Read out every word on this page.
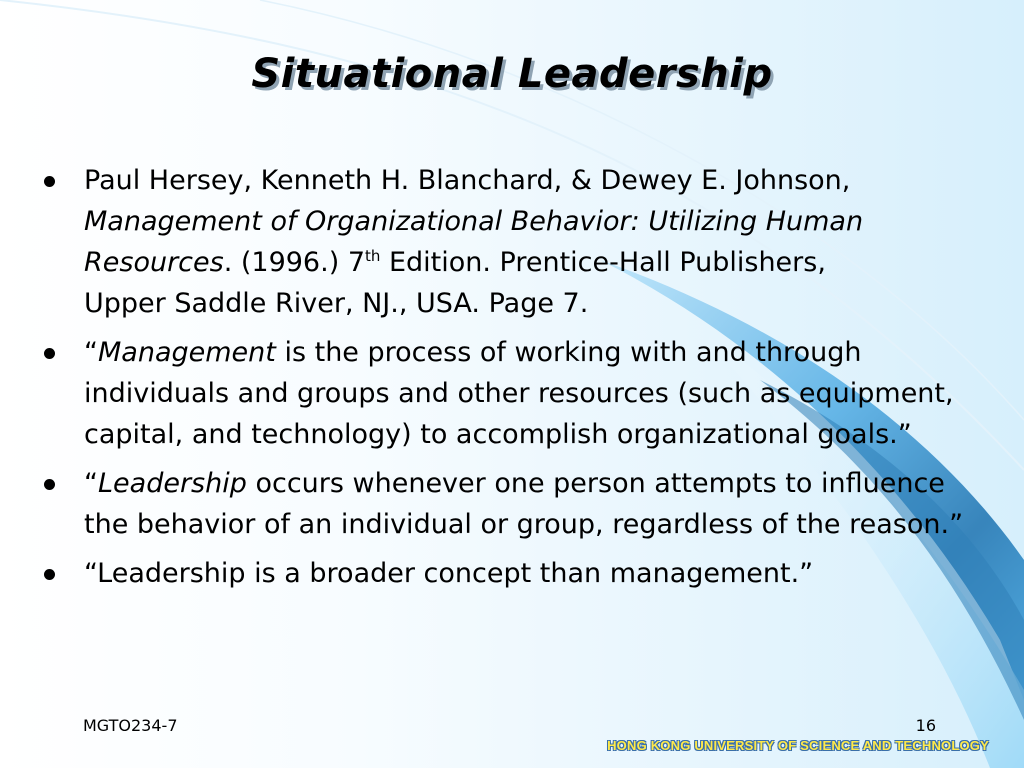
Situational Leadership
Paul Hersey, Kenneth H. Blanchard, & Dewey E. Johnson,
Management of Organizational Behavior: Utilizing Human
Resources. (1996.) 7th Edition. Prentice-Hall Publishers,
Upper Saddle River, NJ., USA. Page 7.
“Management is the process of working with and through individuals and groups and other resources (such as equipment, capital, and technology) to accomplish organizational goals.”
“Leadership occurs whenever one person attempts to influence the behavior of an individual or group, regardless of the reason.”
“Leadership is a broader concept than management.”
MGTO234-7	16
HONG KONG UNIVERSITY OF SCIENCE AND TECHNOLOGY
